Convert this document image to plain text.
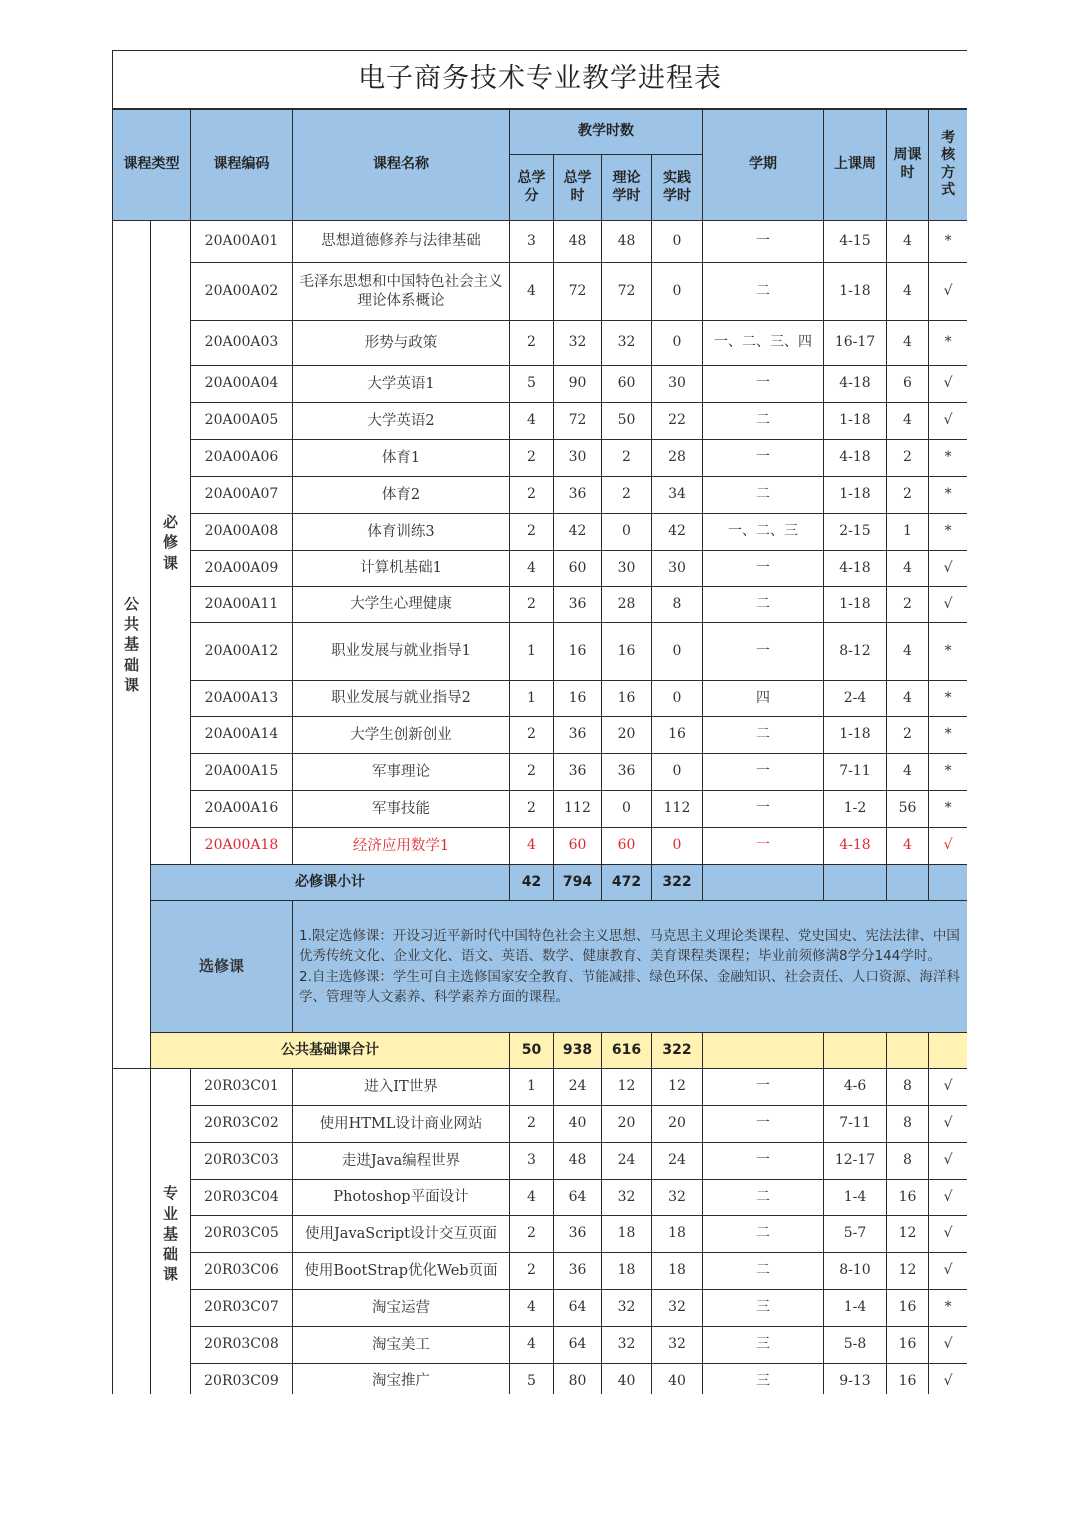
电子商务技术专业教学进程表											
课程类型		课程编码	课程名称	教学时数				学期	上课周	周课时	考核方式
				总学分	总学时	理论学时	实践学时				
公共基础课	必修课	20A00A01	思想道德修养与法律基础	3	48	48	0	一	4-15	4	*
		20A00A02	毛泽东思想和中国特色社会主义理论体系概论	4	72	72	0	二	1-18	4	√
		20A00A03	形势与政策	2	32	32	0	一、二、三、四	16-17	4	*
		20A00A04	大学英语1	5	90	60	30	一	4-18	6	√
		20A00A05	大学英语2	4	72	50	22	二	1-18	4	√
		20A00A06	体育1	2	30	2	28	一	4-18	2	*
		20A00A07	体育2	2	36	2	34	二	1-18	2	*
		20A00A08	体育训练3	2	42	0	42	一、二、三	2-15	1	*
		20A00A09	计算机基础1	4	60	30	30	一	4-18	4	√
		20A00A11	大学生心理健康	2	36	28	8	二	1-18	2	√
		20A00A12	职业发展与就业指导1	1	16	16	0	一	8-12	4	*
		20A00A13	职业发展与就业指导2	1	16	16	0	四	2-4	4	*
		20A00A14	大学生创新创业	2	36	20	16	二	1-18	2	*
		20A00A15	军事理论	2	36	36	0	一	7-11	4	*
		20A00A16	军事技能	2	112	0	112	一	1-2	56	*
		20A00A18	经济应用数学1	4	60	60	0	一	4-18	4	√
	必修课小计			42	794	472	322				
	选修课		1.限定选修课：开设习近平新时代中国特色社会主义思想、马克思主义理论类课程、党史国史、宪法法律、中国优秀传统文化、企业文化、语文、英语、数学、健康教育、美育课程类课程；毕业前须修满8学分144学时。
2.自主选修课：学生可自主选修国家安全教育、节能减排、绿色环保、金融知识、社会责任、人口资源、海洋科学、管理等人文素养、科学素养方面的课程。								
	公共基础课合计			50	938	616	322				
	专业基础课	20R03C01	进入IT世界	1	24	12	12	一	4-6	8	√
		20R03C02	使用HTML设计商业网站	2	40	20	20	一	7-11	8	√
		20R03C03	走进Java编程世界	3	48	24	24	一	12-17	8	√
		20R03C04	Photoshop平面设计	4	64	32	32	二	1-4	16	√
		20R03C05	使用JavaScript设计交互页面	2	36	18	18	二	5-7	12	√
		20R03C06	使用BootStrap优化Web页面	2	36	18	18	二	8-10	12	√
		20R03C07	淘宝运营	4	64	32	32	三	1-4	16	*
		20R03C08	淘宝美工	4	64	32	32	三	5-8	16	√
		20R03C09	淘宝推广	5	80	40	40	三	9-13	16	√
